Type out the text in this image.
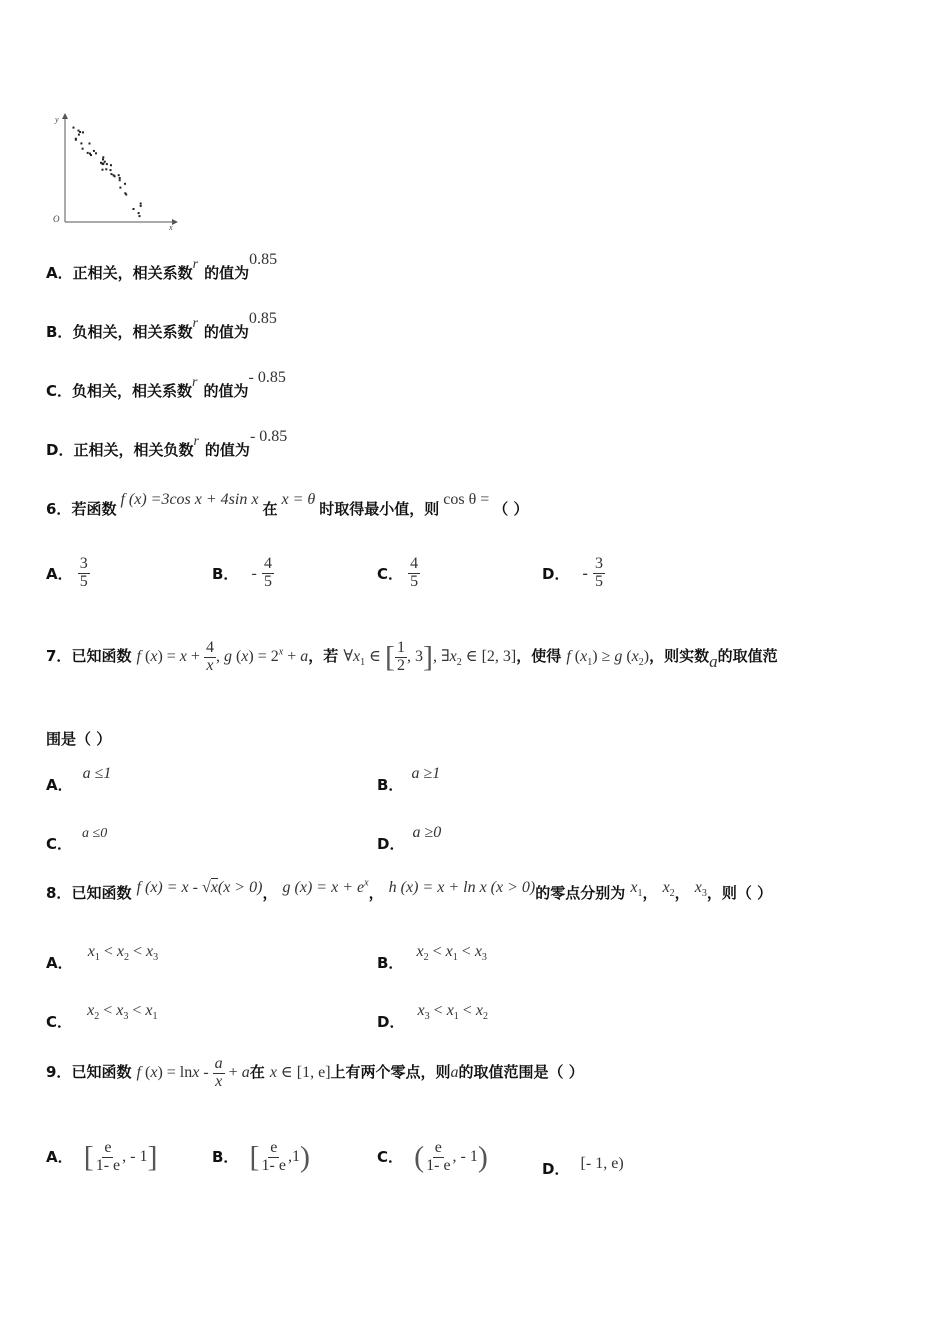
y
x
O
A．正相关，相关系数r 的值为0.85
B．负相关，相关系数r 的值为0.85
C．负相关，相关系数r 的值为- 0.85
D．正相关，相关负数r 的值为- 0.85
6．若函数f (x) =3cos x + 4sin x在x = θ时取得最小值，则cos θ =（ ）
A． $\frac{3}{5}$	B． - $\frac{4}{5}$	C． $\frac{4}{5}$	D． - $\frac{3}{5}$
7．已知函数 f $(x) = x + \frac{4}{x}$ , g $(x) = 2^x + a$，若 $\forall x_1$ ∈ [ $\frac{1}{2}$ , 3], $\exists x_2$ ∈ [2, 3]，使得 f $(x_1) \ge g$ $(x_2)$，则实数a的取值范
围是（ ）
A．a ≤1
B．a ≥1
C．a ≤0
D．a ≥0
8．已知函数 f (x) = x - √x(x > 0)， g $(x) = x + e^x$， h (x) = x + ln x (x > 0)的零点分别为 $x_1$， $x_2$， $x_3$，则（ ）
A． $x_1 < x_2 < x_3$	B． $x_2 < x_1 < x_3$
C． $x_2 < x_3 < x_1$	D． $x_3 < x_1 < x_2$
9．已知函数 f $(x) = \ln x - \frac{a}{x} + a$在 x ∈ [1, e]上有两个零点，则a的取值范围是（ ）
A． [ $\frac{e}{1- e}$ , - 1]	B． [ $\frac{e}{1- e} ,1$)	C． ( $\frac{e}{1- e}$ , - 1)	D． [- 1, e)
